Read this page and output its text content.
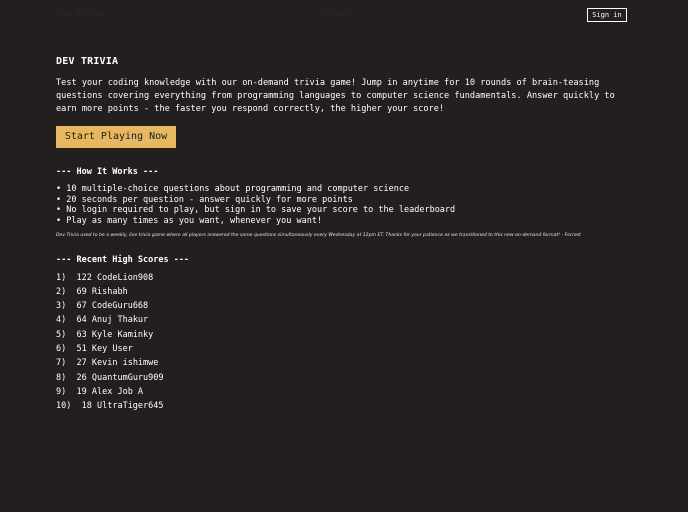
DEV TRIVIA	Trivia	Sign in
DEV TRIVIA
Test your coding knowledge with our on-demand trivia game! Jump in anytime for 10 rounds of brain-teasing questions covering everything from programming languages to computer science fundamentals. Answer quickly to earn more points - the faster you respond correctly, the higher your score!
Start Playing Now
--- How It Works ---
• 10 multiple-choice questions about programming and computer science
• 20 seconds per question - answer quickly for more points
• No login required to play, but sign in to save your score to the leaderboard
• Play as many times as you want, whenever you want!
Dev Trivia used to be a weekly, live trivia game where all players answered the same questions simultaneously every Wednesday at 12pm ET. Thanks for your patience as we transitioned to this new on-demand format! - Forrest
--- Recent High Scores ---
1) 122 CodeLion908
2) 69 Rishabh
3) 67 CodeGuru668
4) 64 Anuj Thakur
5) 63 Kyle Kaminky
6) 51 Key User
7) 27 Kevin ishimwe
8) 26 QuantumGuru909
9) 19 Alex Job A
10) 18 UltraTiger645
